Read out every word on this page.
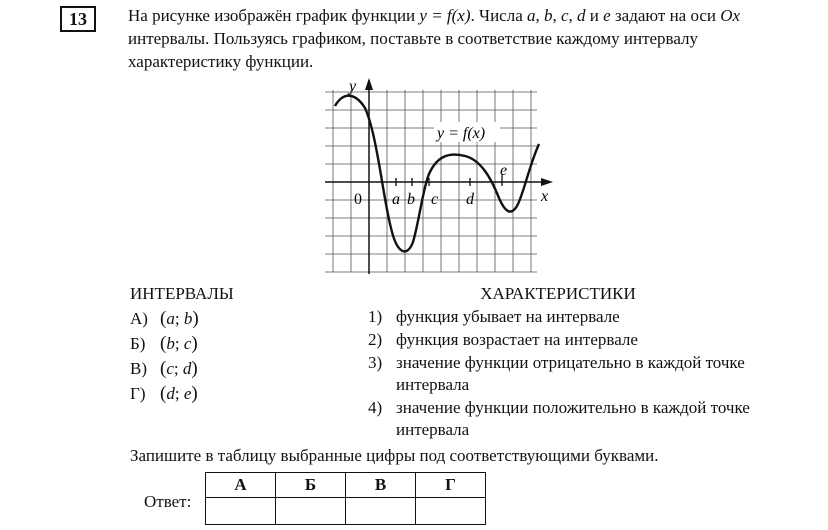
13	На рисунке изображён график функции y = f(x). Числа a, b, c, d и e задают на оси Ox интервалы. Пользуясь графиком, поставьте в соответствие каждому интервалу характеристику функции.

y
x
0
y = f(x)
a b c d
e
ИНТЕРВАЛЫ
А) (a; b)
Б) (b; c)
В) (c; d)
Г) (d; e)
ХАРАКТЕРИСТИКИ
1) функция убывает на интервале
2) функция возрастает на интервале
3) значение функции отрицательно в каждой точке интервала
4) значение функции положительно в каждой точке интервала
Запишите в таблицу выбранные цифры под соответствующими буквами.
Ответ:
А	Б	В	Г
